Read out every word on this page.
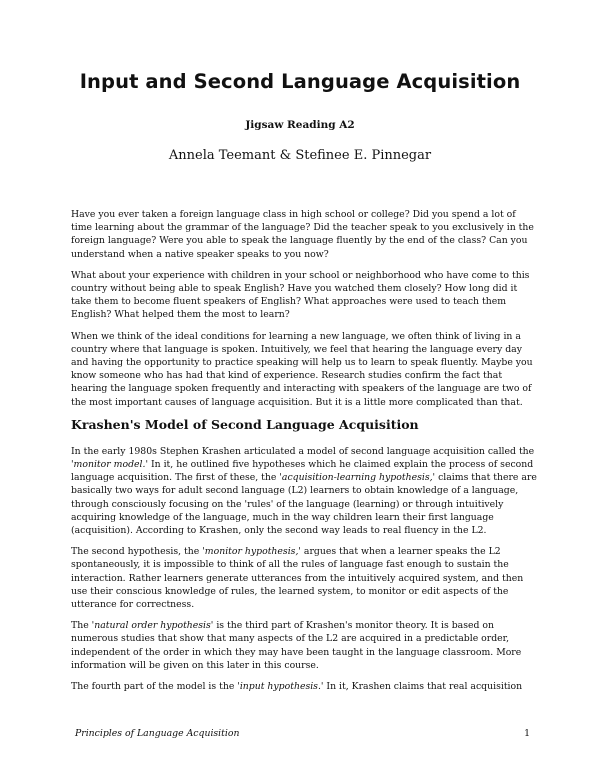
Input and Second Language Acquisition
Jigsaw Reading A2
Annela Teemant & Stefinee E. Pinnegar

Have you ever taken a foreign language class in high school or college? Did you spend a lot of time learning about the grammar of the language? Did the teacher speak to you exclusively in the foreign language? Were you able to speak the language fluently by the end of the class? Can you understand when a native speaker speaks to you now?

What about your experience with children in your school or neighborhood who have come to this country without being able to speak English? Have you watched them closely? How long did it take them to become fluent speakers of English? What approaches were used to teach them English? What helped them the most to learn?

When we think of the ideal conditions for learning a new language, we often think of living in a country where that language is spoken. Intuitively, we feel that hearing the language every day and having the opportunity to practice speaking will help us to learn to speak fluently. Maybe you know someone who has had that kind of experience. Research studies confirm the fact that hearing the language spoken frequently and interacting with speakers of the language are two of the most important causes of language acquisition. But it is a little more complicated than that.

Krashen's Model of Second Language Acquisition

In the early 1980s Stephen Krashen articulated a model of second language acquisition called the 'monitor model.' In it, he outlined five hypotheses which he claimed explain the process of second language acquisition. The first of these, the 'acquisition-learning hypothesis,' claims that there are basically two ways for adult second language (L2) learners to obtain knowledge of a language, through consciously focusing on the 'rules' of the language (learning) or through intuitively acquiring knowledge of the language, much in the way children learn their first language (acquisition). According to Krashen, only the second way leads to real fluency in the L2.

The second hypothesis, the 'monitor hypothesis,' argues that when a learner speaks the L2 spontaneously, it is impossible to think of all the rules of language fast enough to sustain the interaction. Rather learners generate utterances from the intuitively acquired system, and then use their conscious knowledge of rules, the learned system, to monitor or edit aspects of the utterance for correctness.

The 'natural order hypothesis' is the third part of Krashen's monitor theory. It is based on numerous studies that show that many aspects of the L2 are acquired in a predictable order, independent of the order in which they may have been taught in the language classroom. More information will be given on this later in this course.

The fourth part of the model is the 'input hypothesis.' In it, Krashen claims that real acquisition

Principles of Language Acquisition	1
